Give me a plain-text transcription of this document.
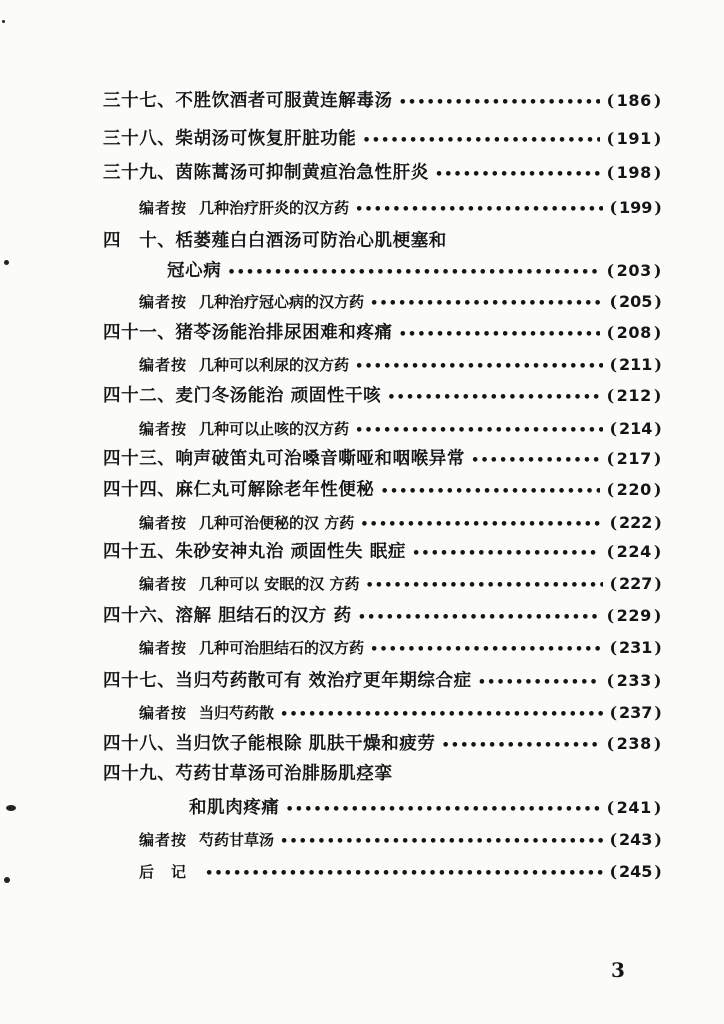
三十七、 不胜饮酒者可服黄连解毒汤 •••••	( 186 )
三十八、 柴胡汤可恢复肝脏功能 •••••	( 191 )
三十九、 茵陈蒿汤可抑制黄疸治急性肝炎 •••••	( 198 )
编者按 几种治疗肝炎的汉方药 •••••	( 199 )
四　十、 栝蒌薤白白酒汤可防治心肌梗塞和
冠心病 •••••	( 203 )
编者按 几种治疗冠心病的汉方药 •••••	( 205 )
四十一、 猪苓汤能治排尿困难和疼痛 •••••	( 208 )
编者按 几种可以利尿的汉方药 •••••	( 211 )
四十二、 麦门冬汤能治 顽固性干咳 •••••	( 212 )
编者按 几种可以止咳的汉方药 •••••	( 214 )
四十三、 响声破笛丸可治嗓音嘶哑和咽喉异常 •••••	( 217 )
四十四、 麻仁丸可解除老年性便秘 •••••	( 220 )
编者按 几种可治便秘的汉 方药 •••••	( 222 )
四十五、 朱砂安神丸治 顽固性失 眠症 •••••	( 224 )
编者按 几种可以 安眠的汉 方药 •••••	( 227 )
四十六、 溶解 胆结石的汉方 药 •••••	( 229 )
编者按 几种可治胆结石的汉方药 •••••	( 231 )
四十七、 当归芍药散可有 效治疗更年期综合症 •••••	( 233 )
编者按 当归芍药散 •••••	( 237 )
四十八、 当归饮子能根除 肌肤干燥和疲劳 •••••	( 238 )
四十九、 芍药甘草汤可治腓肠肌痉挛
和肌肉疼痛 •••••	( 241 )
编者按 芍药甘草汤 •••••	( 243 )
后　记 •••••	( 245 )
3
